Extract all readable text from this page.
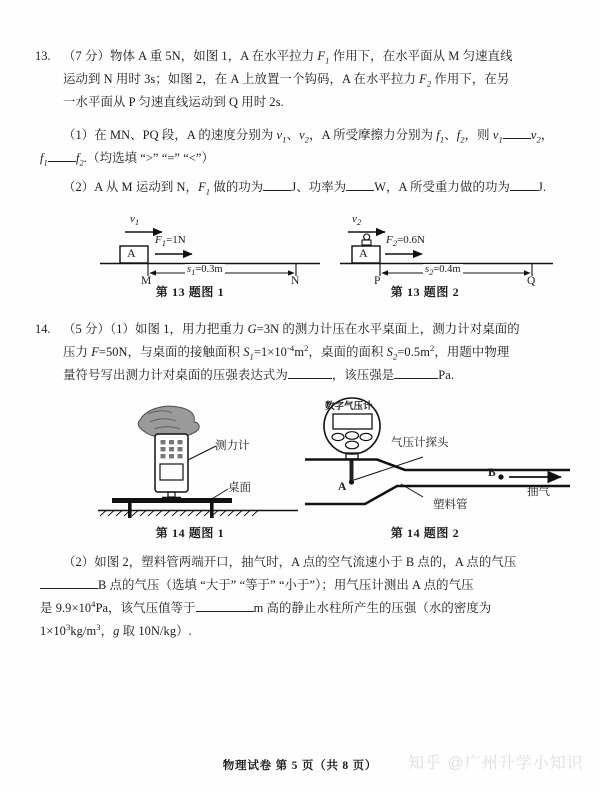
13.	（7 分）物体 A 重 5N，如图 1，A 在水平拉力 $F_1$ 作用下，在水平面从 M 匀速直线
运动到 N 用时 3s；如图 2，在 A 上放置一个钩码，A 在水平拉力 $F_2$ 作用下，在另
一水平面从 P 匀速直线运动到 Q 用时 2s.
（1）在 MN、PQ 段，A 的速度分别为 $v_1$、$v_2$，A 所受摩擦力分别为 $f_1$、$f_2$，则 $v_1$ $v_2$，
$f_1$ $f_2$.（均选填 “>” “=” “<”）
（2）A 从 M 运动到 N，$F_1$ 做的功为 J、功率为 W，A 所受重力做的功为 J.
$v_1$
$F_1=1N$
A
M	N
$s_1=0.3m$
第 13 题图 1
$v_2$
$F_2=0.6N$
A
P	Q
$s_2=0.4m$
第 13 题图 2
14.	（5 分）（1）如图 1，用力把重力 G=3N 的测力计压在水平桌面上，测力计对桌面的
压力 F=50N，与桌面的接触面积 $S_1=1\times 10^{-4}m^2$，桌面的面积 $S_2=0.5m^2$，用题中物理
量符号写出测力计对桌面的压强表达式为	，该压强是	Pa.
测力计
桌面
第 14 题图 1
数字气压计
气压计探头
A
B
塑料管
抽气
第 14 题图 2
（2）如图 2，塑料管两端开口，抽气时，A 点的空气流速小于 B 点的，A 点的气压
B 点的气压（选填 “大于” “等于” “小于”）；用气压计测出 A 点的气压
是 $9.9\times 10^4Pa$，该气压值等于	m 高的静止水柱所产生的压强（水的密度为
$1\times 10^3kg/m^3$，g 取 10N/kg）.
物理试卷 第 5 页（共 8 页）	知乎 @广州升学小知识
